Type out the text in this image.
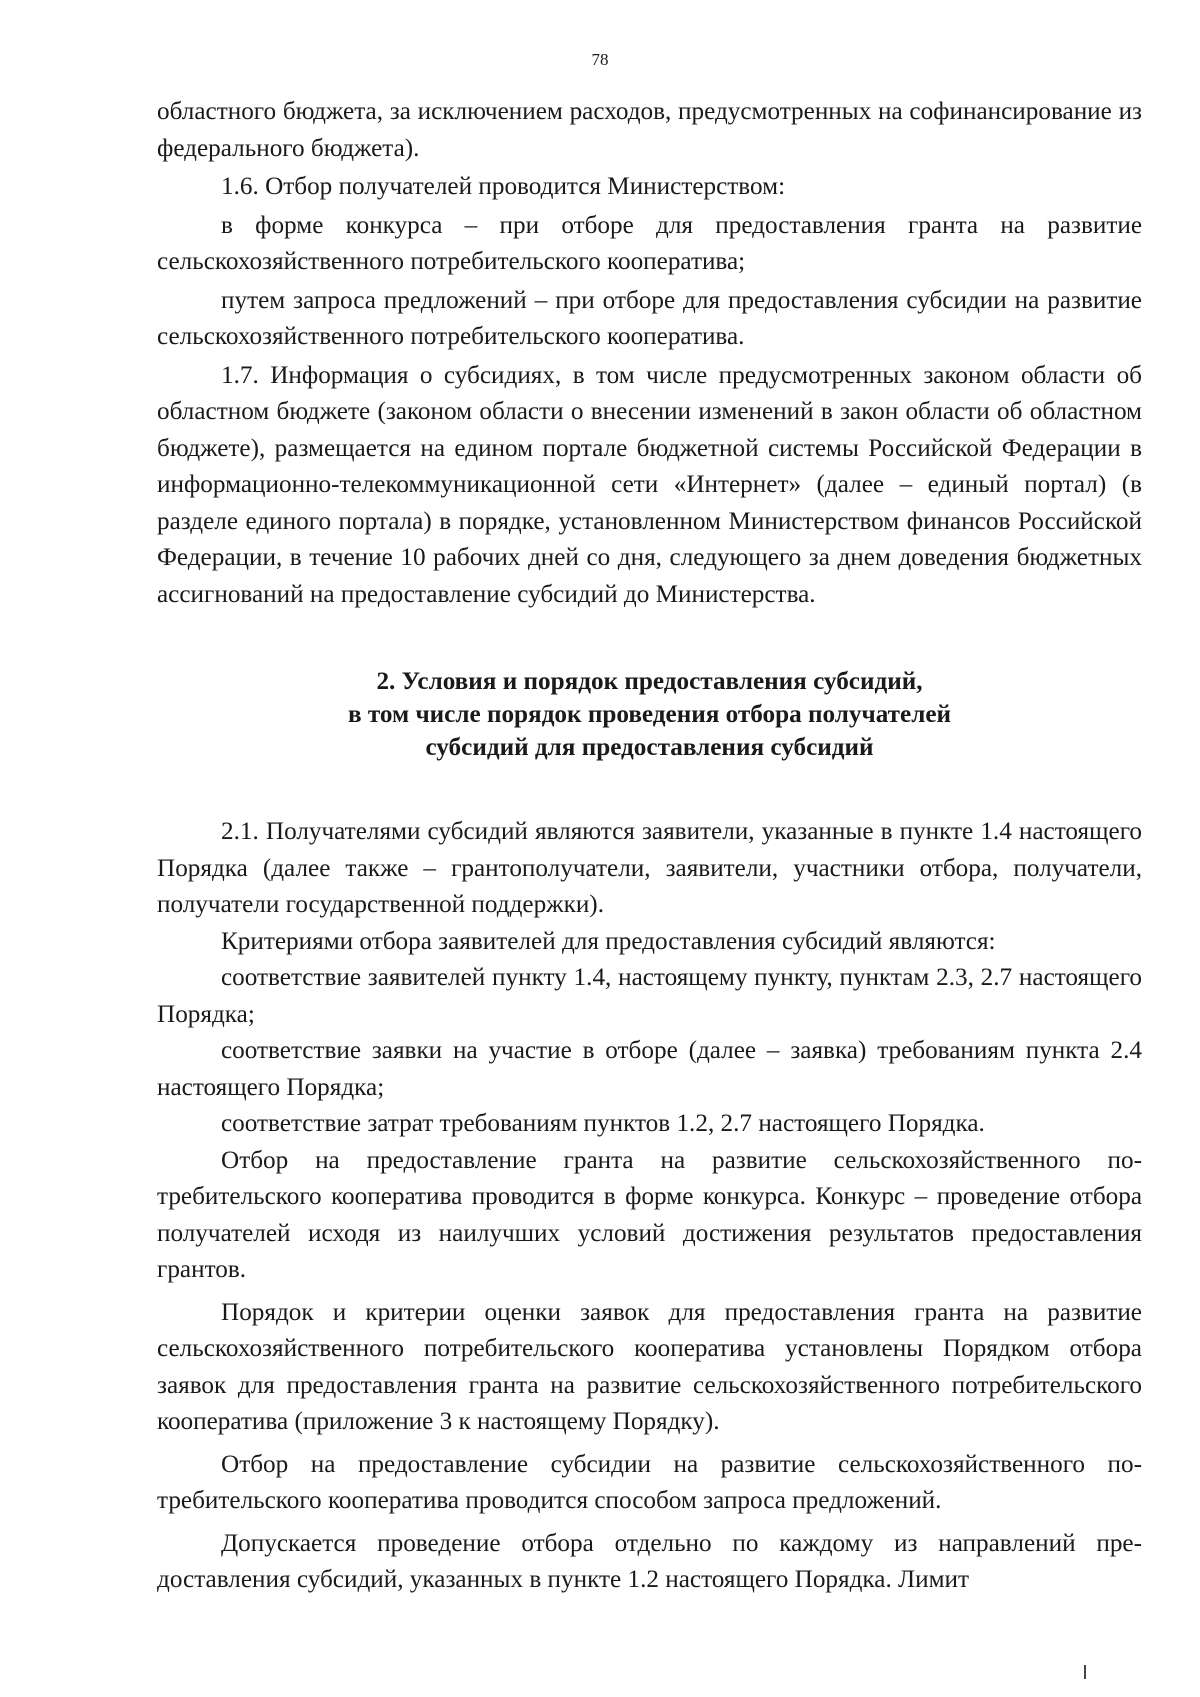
78

областного бюджета, за исключением расходов, предусмотренных на софинансирование из федерального бюджета).

1.6. Отбор получателей проводится Министерством:

в форме конкурса – при отборе для предоставления гранта на развитие сельскохозяйственного потребительского кооператива;

путем запроса предложений – при отборе для предоставления субсидии на развитие сельскохозяйственного потребительского кооператива.

1.7. Информация о субсидиях, в том числе предусмотренных законом области об областном бюджете (законом области о внесении изменений в закон области об областном бюджете), размещается на едином портале бюджетной системы Российской Федерации в информационно-телекоммуникационной сети «Интернет» (далее – единый портал) (в разделе единого портала) в порядке, установленном Министерством финансов Российской Федерации, в течение 10 рабочих дней со дня, следующего за днем доведения бюджетных ассигнований на предоставление субсидий до Министерства.

2. Условия и порядок предоставления субсидий,
в том числе порядок проведения отбора получателей
субсидий для предоставления субсидий

2.1. Получателями субсидий являются заявители, указанные в пункте 1.4 настоящего Порядка (далее также – грантополучатели, заявители, участники отбора, получатели, получатели государственной поддержки).

Критериями отбора заявителей для предоставления субсидий являются:

соответствие заявителей пункту 1.4, настоящему пункту, пунктам 2.3, 2.7 настоящего Порядка;

соответствие заявки на участие в отборе (далее – заявка) требованиям пункта 2.4 настоящего Порядка;

соответствие затрат требованиям пунктов 1.2, 2.7 настоящего Порядка.

Отбор на предоставление гранта на развитие сельскохозяйственного потребительского кооператива проводится в форме конкурса. Конкурс – проведение отбора получателей исходя из наилучших условий достижения результатов предоставления грантов.

Порядок и критерии оценки заявок для предоставления гранта на развитие сельскохозяйственного потребительского кооператива установлены Порядком отбора заявок для предоставления гранта на развитие сельскохозяйственного потребительского кооператива (приложение 3 к настоящему Порядку).

Отбор на предоставление субсидии на развитие сельскохозяйственного потребительского кооператива проводится способом запроса предложений.

Допускается проведение отбора отдельно по каждому из направлений предоставления субсидий, указанных в пункте 1.2 настоящего Порядка. Лимит
